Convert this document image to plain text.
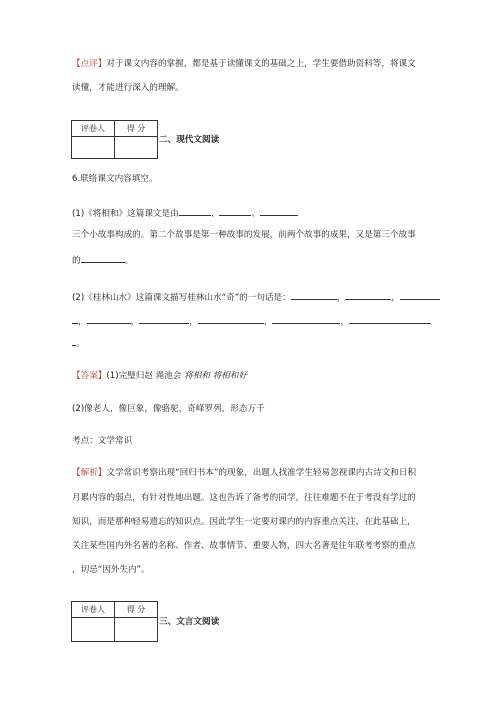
【点评】对于课文内容的掌握，都是基于读懂课文的基础之上，学生要借助资料等，将课文
读懂，才能进行深入的理解。
评卷人	得 分

二、现代文阅读
6.联络课文内容填空。
(1)《将相和》这篇课文是由	、	、
三个小故事构成的。第二个故事是第一种故事的发展，前两个故事的成果，又是第三个故事
的	。
(2)《桂林山水》这篇课文描写桂林山水“奇”的一句话是：	，	，
，	，	，	，	，
。
【答案】(1)完璧归赵 渑池会 将相和 将相和好
(2)像老人，像巨象，像骆驼，奇峰罗列，形态万千
考点：文学常识
【解析】文学常识考察出现“回归书本”的现象，出题人找准学生轻易忽视课内古诗文和日积
月累内容的弱点，有针对性地出题。这也告诉了备考的同学，往往难题不在于考没有学过的
知识，而是那种轻易遗忘的知识点。因此学生一定要对课内的内容重点关注，在此基础上，
关注某些国内外名著的名称、作者、故事情节、重要人物，四大名著是往年联考考察的重点
，切忌“因外失内”。
评卷人	得 分

三、文言文阅读
